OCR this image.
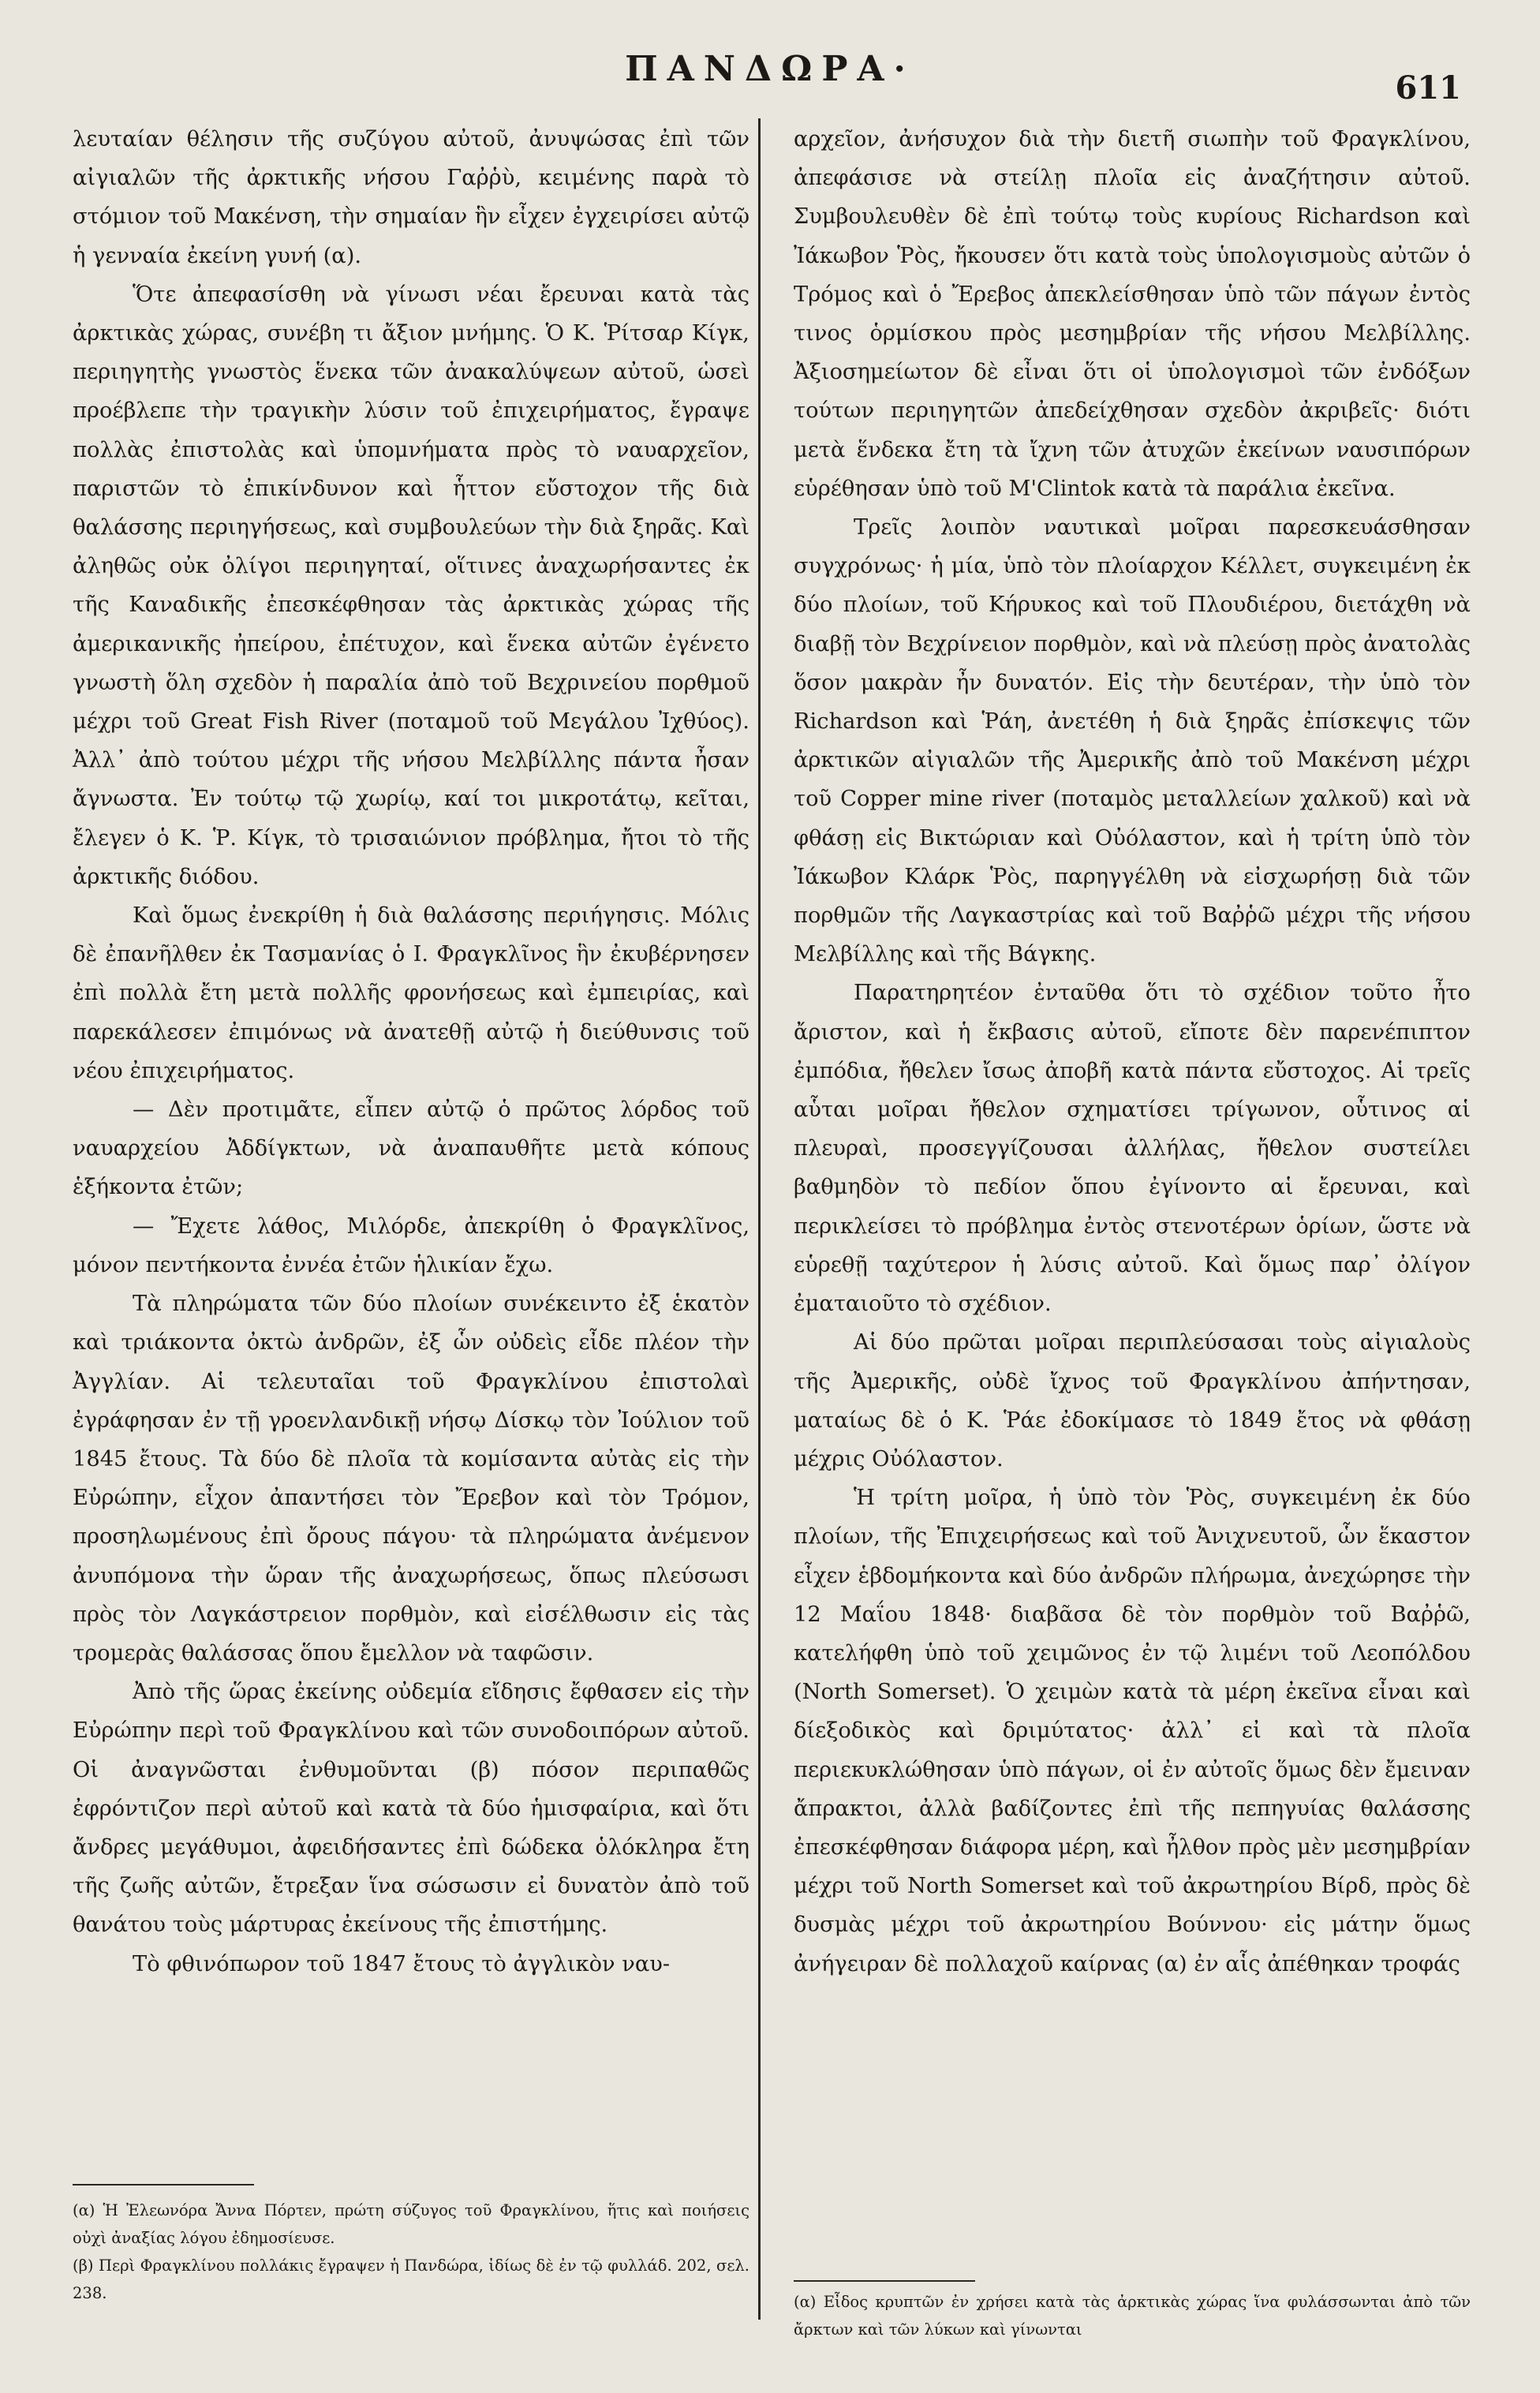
ΠΑΝΔΩΡΑ·	611

λευταίαν θέλησιν τῆς συζύγου αὐτοῦ, ἀνυψώσας ἐπὶ τῶν αἰγιαλῶν τῆς ἀρκτικῆς νήσου Γαῤῥὺ, κειμένης παρὰ τὸ στόμιον τοῦ Μακένση, τὴν σημαίαν ἣν εἶχεν ἐγχειρίσει αὐτῷ ἡ γενναία ἐκείνη γυνή (α).

Ὅτε ἀπεφασίσθη νὰ γίνωσι νέαι ἔρευναι κατὰ τὰς ἀρκτικὰς χώρας, συνέβη τι ἄξιον μνήμης. Ὁ Κ. Ῥίτσαρ Κίγκ, περιηγητὴς γνωστὸς ἕνεκα τῶν ἀνακαλύψεων αὐτοῦ, ὡσεὶ προέβλεπε τὴν τραγικὴν λύσιν τοῦ ἐπιχειρήματος, ἔγραψε πολλὰς ἐπιστολὰς καὶ ὑπομνήματα πρὸς τὸ ναυαρχεῖον, παριστῶν τὸ ἐπικίνδυνον καὶ ἧττον εὔστοχον τῆς διὰ θαλάσσης περιηγήσεως, καὶ συμβουλεύων τὴν διὰ ξηρᾶς. Καὶ ἀληθῶς οὐκ ὀλίγοι περιηγηταί, οἵτινες ἀναχωρήσαντες ἐκ τῆς Καναδικῆς ἐπεσκέφθησαν τὰς ἀρκτικὰς χώρας τῆς ἀμερικανικῆς ἠπείρου, ἐπέτυχον, καὶ ἕνεκα αὐτῶν ἐγένετο γνωστὴ ὅλη σχεδὸν ἡ παραλία ἀπὸ τοῦ Βεχρινείου πορθμοῦ μέχρι τοῦ Great Fish River (ποταμοῦ τοῦ Μεγάλου Ἰχθύος). Ἀλλ᾽ ἀπὸ τούτου μέχρι τῆς νήσου Μελβίλλης πάντα ἦσαν ἄγνωστα. Ἐν τούτῳ τῷ χωρίῳ, καί τοι μικροτάτῳ, κεῖται, ἔλεγεν ὁ Κ. Ῥ. Κίγκ, τὸ τρισαιώνιον πρόβλημα, ἤτοι τὸ τῆς ἀρκτικῆς διόδου.

Καὶ ὅμως ἐνεκρίθη ἡ διὰ θαλάσσης περιήγησις. Μόλις δὲ ἐπανῆλθεν ἐκ Τασμανίας ὁ Ι. Φραγκλῖνος ἣν ἐκυβέρνησεν ἐπὶ πολλὰ ἔτη μετὰ πολλῆς φρονήσεως καὶ ἐμπειρίας, καὶ παρεκάλεσεν ἐπιμόνως νὰ ἀνατεθῇ αὐτῷ ἡ διεύθυνσις τοῦ νέου ἐπιχειρήματος.

— Δὲν προτιμᾶτε, εἶπεν αὐτῷ ὁ πρῶτος λόρδος τοῦ ναυαρχείου Ἀδδίγκτων, νὰ ἀναπαυθῆτε μετὰ κόπους ἑξήκοντα ἐτῶν;

— Ἔχετε λάθος, Μιλόρδε, ἀπεκρίθη ὁ Φραγκλῖνος, μόνον πεντήκοντα ἐννέα ἐτῶν ἡλικίαν ἔχω.

Τὰ πληρώματα τῶν δύο πλοίων συνέκειντο ἐξ ἑκατὸν καὶ τριάκοντα ὀκτὼ ἀνδρῶν, ἐξ ὧν οὐδεὶς εἶδε πλέον τὴν Ἀγγλίαν. Αἱ τελευταῖαι τοῦ Φραγκλίνου ἐπιστολαὶ ἐγράφησαν ἐν τῇ γροενλανδικῇ νήσῳ Δίσκῳ τὸν Ἰούλιον τοῦ 1845 ἔτους. Τὰ δύο δὲ πλοῖα τὰ κομίσαντα αὐτὰς εἰς τὴν Εὐρώπην, εἶχον ἀπαντήσει τὸν Ἔρεβον καὶ τὸν Τρόμον, προσηλωμένους ἐπὶ ὄρους πάγου· τὰ πληρώματα ἀνέμενον ἀνυπόμονα τὴν ὥραν τῆς ἀναχωρήσεως, ὅπως πλεύσωσι πρὸς τὸν Λαγκάστρειον πορθμὸν, καὶ εἰσέλθωσιν εἰς τὰς τρομερὰς θαλάσσας ὅπου ἔμελλον νὰ ταφῶσιν.

Ἀπὸ τῆς ὥρας ἐκείνης οὐδεμία εἴδησις ἔφθασεν εἰς τὴν Εὐρώπην περὶ τοῦ Φραγκλίνου καὶ τῶν συνοδοιπόρων αὐτοῦ. Οἱ ἀναγνῶσται ἐνθυμοῦνται (β) πόσον περιπαθῶς ἐφρόντιζον περὶ αὐτοῦ καὶ κατὰ τὰ δύο ἡμισφαίρια, καὶ ὅτι ἄνδρες μεγάθυμοι, ἀφειδήσαντες ἐπὶ δώδεκα ὁλόκληρα ἔτη τῆς ζωῆς αὐτῶν, ἔτρεξαν ἵνα σώσωσιν εἰ δυνατὸν ἀπὸ τοῦ θανάτου τοὺς μάρτυρας ἐκείνους τῆς ἐπιστήμης.

Τὸ φθινόπωρον τοῦ 1847 ἔτους τὸ ἀγγλικὸν ναυ-

αρχεῖον, ἀνήσυχον διὰ τὴν διετῆ σιωπὴν τοῦ Φραγκλίνου, ἀπεφάσισε νὰ στείλῃ πλοῖα εἰς ἀναζήτησιν αὐτοῦ. Συμβουλευθὲν δὲ ἐπὶ τούτῳ τοὺς κυρίους Richardson καὶ Ἰάκωβον Ῥὸς, ἤκουσεν ὅτι κατὰ τοὺς ὑπολογισμοὺς αὐτῶν ὁ Τρόμος καὶ ὁ Ἔρεβος ἀπεκλείσθησαν ὑπὸ τῶν πάγων ἐντὸς τινος ὁρμίσκου πρὸς μεσημβρίαν τῆς νήσου Μελβίλλης. Ἀξιοσημείωτον δὲ εἶναι ὅτι οἱ ὑπολογισμοὶ τῶν ἐνδόξων τούτων περιηγητῶν ἀπεδείχθησαν σχεδὸν ἀκριβεῖς· διότι μετὰ ἕνδεκα ἔτη τὰ ἴχνη τῶν ἀτυχῶν ἐκείνων ναυσιπόρων εὑρέθησαν ὑπὸ τοῦ M'Clintok κατὰ τὰ παράλια ἐκεῖνα.

Τρεῖς λοιπὸν ναυτικαὶ μοῖραι παρεσκευάσθησαν συγχρόνως· ἡ μία, ὑπὸ τὸν πλοίαρχον Κέλλετ, συγκειμένη ἐκ δύο πλοίων, τοῦ Κήρυκος καὶ τοῦ Πλουδιέρου, διετάχθη νὰ διαβῇ τὸν Βεχρίνειον πορθμὸν, καὶ νὰ πλεύσῃ πρὸς ἀνατολὰς ὅσον μακρὰν ἦν δυνατόν. Εἰς τὴν δευτέραν, τὴν ὑπὸ τὸν Richardson καὶ Ῥάη, ἀνετέθη ἡ διὰ ξηρᾶς ἐπίσκεψις τῶν ἀρκτικῶν αἰγιαλῶν τῆς Ἀμερικῆς ἀπὸ τοῦ Μακένση μέχρι τοῦ Copper mine river (ποταμὸς μεταλλείων χαλκοῦ) καὶ νὰ φθάσῃ εἰς Βικτώριαν καὶ Οὐόλαστον, καὶ ἡ τρίτη ὑπὸ τὸν Ἰάκωβον Κλάρκ Ῥὸς, παρηγγέλθη νὰ εἰσχωρήσῃ διὰ τῶν πορθμῶν τῆς Λαγκαστρίας καὶ τοῦ Βαῤῥῶ μέχρι τῆς νήσου Μελβίλλης καὶ τῆς Βάγκης.

Παρατηρητέον ἐνταῦθα ὅτι τὸ σχέδιον τοῦτο ἦτο ἄριστον, καὶ ἡ ἔκβασις αὐτοῦ, εἴποτε δὲν παρενέπιπτον ἐμπόδια, ἤθελεν ἴσως ἀποβῆ κατὰ πάντα εὔστοχος. Αἱ τρεῖς αὗται μοῖραι ἤθελον σχηματίσει τρίγωνον, οὗτινος αἱ πλευραὶ, προσεγγίζουσαι ἀλλήλας, ἤθελον συστείλει βαθμηδὸν τὸ πεδίον ὅπου ἐγίνοντο αἱ ἔρευναι, καὶ περικλείσει τὸ πρόβλημα ἐντὸς στενοτέρων ὁρίων, ὥστε νὰ εὑρεθῇ ταχύτερον ἡ λύσις αὐτοῦ. Καὶ ὅμως παρ᾽ ὀλίγον ἐματαιοῦτο τὸ σχέδιον.

Αἱ δύο πρῶται μοῖραι περιπλεύσασαι τοὺς αἰγιαλοὺς τῆς Ἀμερικῆς, οὐδὲ ἴχνος τοῦ Φραγκλίνου ἀπήντησαν, ματαίως δὲ ὁ Κ. Ῥάε ἐδοκίμασε τὸ 1849 ἔτος νὰ φθάσῃ μέχρις Οὐόλαστον.

Ἡ τρίτη μοῖρα, ἡ ὑπὸ τὸν Ῥὸς, συγκειμένη ἐκ δύο πλοίων, τῆς Ἐπιχειρήσεως καὶ τοῦ Ἀνιχνευτοῦ, ὧν ἕκαστον εἶχεν ἑβδομήκοντα καὶ δύο ἀνδρῶν πλήρωμα, ἀνεχώρησε τὴν 12 Μαΐου 1848· διαβᾶσα δὲ τὸν πορθμὸν τοῦ Βαῤῥῶ, κατελήφθη ὑπὸ τοῦ χειμῶνος ἐν τῷ λιμένι τοῦ Λεοπόλδου (North Somerset). Ὁ χειμὼν κατὰ τὰ μέρη ἐκεῖνα εἶναι καὶ δίεξοδικὸς καὶ δριμύτατος· ἀλλ᾽ εἰ καὶ τὰ πλοῖα περιεκυκλώθησαν ὑπὸ πάγων, οἱ ἐν αὐτοῖς ὅμως δὲν ἔμειναν ἄπρακτοι, ἀλλὰ βαδίζοντες ἐπὶ τῆς πεπηγυίας θαλάσσης ἐπεσκέφθησαν διάφορα μέρη, καὶ ἦλθον πρὸς μὲν μεσημβρίαν μέχρι τοῦ North Somerset καὶ τοῦ ἀκρωτηρίου Βίρδ, πρὸς δὲ δυσμὰς μέχρι τοῦ ἀκρωτηρίου Βούννου· εἰς μάτην ὅμως ἀνήγειραν δὲ πολλαχοῦ καίρνας (α) ἐν αἷς ἀπέθηκαν τροφάς

(α) Ἡ Ἐλεωνόρα Ἄννα Πόρτεν, πρώτη σύζυγος τοῦ Φραγκλίνου, ἥτις καὶ ποιήσεις οὐχὶ ἀναξίας λόγου ἐδημοσίευσε.

(β) Περὶ Φραγκλίνου πολλάκις ἔγραψεν ἡ Πανδώρα, ἰδίως δὲ ἐν τῷ φυλλάδ. 202, σελ. 238.	(α) Εἶδος κρυπτῶν ἐν χρήσει κατὰ τὰς ἀρκτικὰς χώρας ἵνα φυλάσσωνται ἀπὸ τῶν ἄρκτων καὶ τῶν λύκων καὶ γίνωνται
